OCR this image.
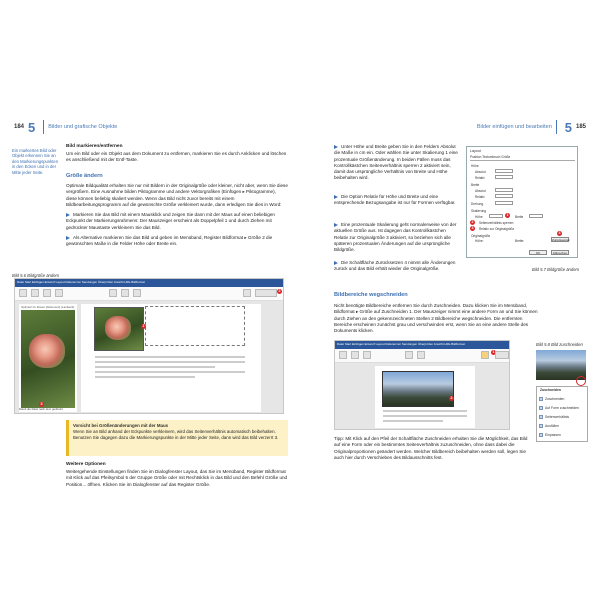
184 5 Bilder und grafische Objekte
Ein markiertes Bild oder Objekt erkennen Sie an den Markierungspunkten in den Ecken und in der Mitte jeder Seite.
Bild markieren/entfernen
Um ein Bild oder ein Objekt aus dem Dokument zu entfernen, markieren Sie es durch Anklicken und löschen es anschließend mit der Entf-Taste.
Größe ändern
Optimale Bildqualität erhalten Sie nur mit Bildern in der Originalgröße oder kleiner, nicht aber, wenn Sie diese vergrößern. Eine Ausnahme bilden Piktogramme und andere Vektorgrafiken (Einfügen ▸ Piktogramme), diese können beliebig skaliert werden. Wenn das Bild nicht zuvor bereits mit einem Bildbearbeitungsprogramm auf die gewünschte Größe verkleinert wurde, dann erledigen Sie dies in Word:
Markieren Sie das Bild mit einem Mausklick und zeigen Sie dann mit der Maus auf einen beliebigen Eckpunkt der Markierungsrahmens: Der Mauszeiger erscheint als Doppelpfeil 1 und durch Ziehen mit gedrückter Maustaste verkleinern Sie das Bild.
Als Alternative markieren Sie das Bild und geben im Menüband, Register Bildformat ▸ Größe 2 die gewünschten Maße in die Felder Höhe oder Breite ein.
Bild 5.6 Bildgröße ändern
Datei Start Einfügen Entwurf Layout Referenzen Sendungen Überprüfen Ansicht Hilfe Bildformat
2
Optimiert zu Rosen (Dokument) (Laufwerk)
3
1
Damit die Datei nach dem gedruckt
Vorsicht bei Größenänderungen mit der Maus
Wenn Sie an Bild anhand der Eckpunkte verkleinern, wird das Seitenverhältnis automatisch beibehalten. Benutzen Sie dagegen dazu die Markierungspunkte in der Mitte jeder Seite, dann wird das Bild verzerrt 3.
Weitere Optionen
Weitergehende Einstellungen finden Sie im Dialogfenster Layout, das Sie im Menüband, Register Bildformat mit Klick auf das Pfeilsymbol 5 der Gruppe Größe oder mit Rechtsklick in das Bild und den Befehl Größe und Position... öffnen. Klicken Sie im Dialogfenster auf das Register Größe.
Bilder einfügen und bearbeiten 5 185
Unter Höhe und Breite geben Sie in den Feldern Absolut die Maße in cm ein. Oder wählen Sie unter Skalierung 1 eine prozentuale Größenänderung. In beiden Fällen muss das Kontrollkästchen Seitenverhältnis sperren 2 aktiviert sein, damit das ursprüngliche Verhältnis von Breite und Höhe beibehalten wird.
Die Option Relativ für Höhe und Breite und eine entsprechende Bezugsangabe ist nur für Formen verfügbar.
Eine prozentuale Skalierung geht normalerweise von der aktuellen Größe aus. Ist dagegen das Kontrollkästchen Relativ zur Originalgröße 3 aktiviert, so beziehen sich alle späteren prozentualen Änderungen auf die ursprüngliche Bildgröße.
Die Schaltfläche Zurücksetzen 4 nimmt alle Änderungen zurück und das Bild erhält wieder die Originalgröße.
Layout
Position Textumbruch Größe
Höhe
Absolut
Relativ
Breite
Absolut
Relativ
Drehung
Skalierung
Höhe	1	Breite
2	Seitenverhältnis sperren
3	Relativ zur Originalgröße
Originalgröße
Höhe:	Breite:	Zurücksetzen
4
OK	Abbrechen
Bild 5.7 Bildgröße ändern
Bildbereiche wegschneiden
Nicht benötigte Bildbereiche entfernen Sie durch Zuschneiden. Dazu klicken Sie im Menüband, Bildformat ▸ Größe auf Zuschneiden 1. Der Mauszeiger nimmt eine andere Form an und Sie können durch Ziehen an den gekennzeichneten Stellen 2 Bildbereiche wegschneiden. Die entfernten Bereiche erscheinen zunächst grau und verschwinden erst, wenn Sie an eine andere Stelle des Dokuments klicken.
Datei Start Einfügen Entwurf Layout Referenzen Sendungen Überprüfen Ansicht Hilfe Bildformat
1
2
Bild 5.8 Bild zuschneiden
Zuschneiden
Zuschneiden
Auf Form zuschneiden
Seitenverhältnis
Ausfüllen
Einpassen
Tipp: Mit Klick auf den Pfeil der Schaltfläche Zuschneiden erhalten Sie die Möglichkeit, das Bild auf eine Form oder ein bestimmtes Seitenverhältnis zuzuschneiden, ohne dass dabei die Originalproportionen geändert werden. Welcher Bildbereich beibehalten werden soll, legen Sie auch hier durch Verschieben des Bildausschnitts fest.
